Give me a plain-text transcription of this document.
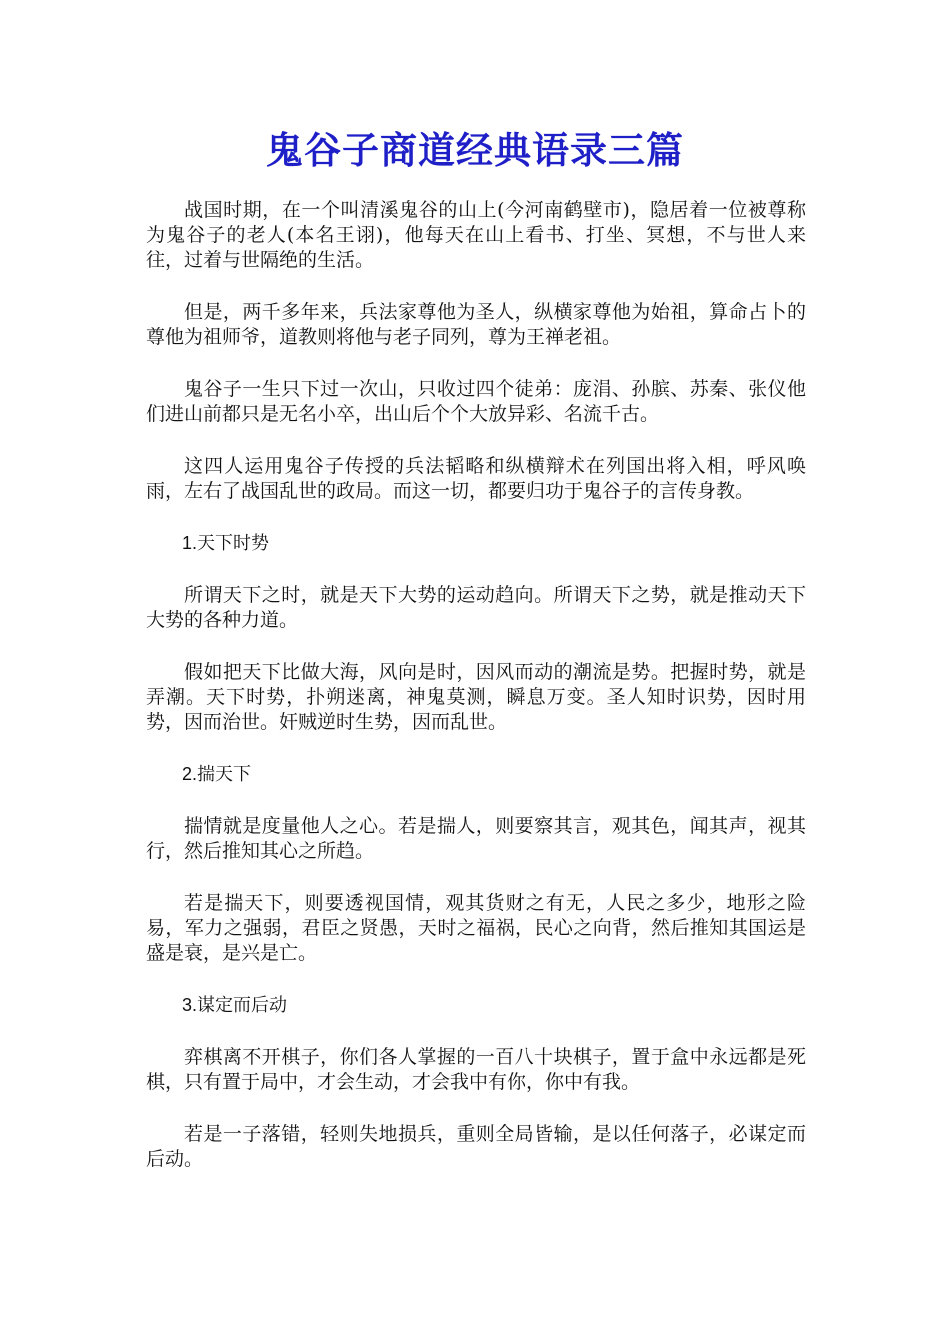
鬼谷子商道经典语录三篇

战国时期，在一个叫清溪鬼谷的山上(今河南鹤壁市)，隐居着一位被尊称为鬼谷子的老人(本名王诩)，他每天在山上看书、打坐、冥想，不与世人来往，过着与世隔绝的生活。

但是，两千多年来，兵法家尊他为圣人，纵横家尊他为始祖，算命占卜的尊他为祖师爷，道教则将他与老子同列，尊为王禅老祖。

鬼谷子一生只下过一次山，只收过四个徒弟：庞涓、孙膑、苏秦、张仪他们进山前都只是无名小卒，出山后个个大放异彩、名流千古。

这四人运用鬼谷子传授的兵法韬略和纵横辩术在列国出将入相，呼风唤雨，左右了战国乱世的政局。而这一切，都要归功于鬼谷子的言传身教。

1.天下时势

所谓天下之时，就是天下大势的运动趋向。所谓天下之势，就是推动天下大势的各种力道。

假如把天下比做大海，风向是时，因风而动的潮流是势。把握时势，就是弄潮。天下时势，扑朔迷离，神鬼莫测，瞬息万变。圣人知时识势，因时用势，因而治世。奸贼逆时生势，因而乱世。

2.揣天下

揣情就是度量他人之心。若是揣人，则要察其言，观其色，闻其声，视其行，然后推知其心之所趋。

若是揣天下，则要透视国情，观其货财之有无，人民之多少，地形之险易，军力之强弱，君臣之贤愚，天时之福祸，民心之向背，然后推知其国运是盛是衰，是兴是亡。

3.谋定而后动

弈棋离不开棋子，你们各人掌握的一百八十块棋子，置于盒中永远都是死棋，只有置于局中，才会生动，才会我中有你，你中有我。

若是一子落错，轻则失地损兵，重则全局皆输，是以任何落子，必谋定而后动。
